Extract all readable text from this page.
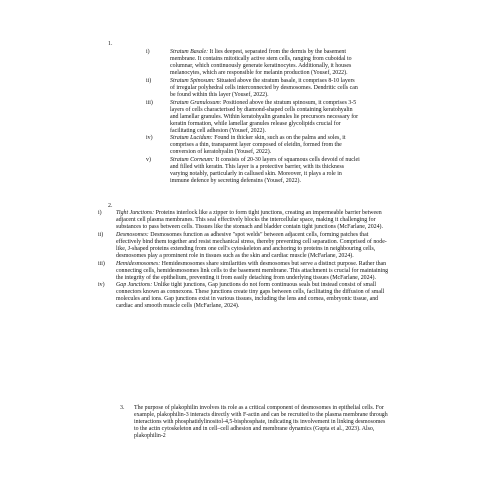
1.
i)	Stratum Basale: It lies deepest, separated from the dermis by the basement membrane. It contains mitotically active stem cells, ranging from cuboidal to columnar, which continuously generate keratinocytes. Additionally, it houses melanocytes, which are responsible for melanin production (Yousef, 2022).
ii)	Stratum Spinosum: Situated above the stratum basale, it comprises 8-10 layers of irregular polyhedral cells interconnected by desmosomes. Dendritic cells can be found within this layer (Yousef, 2022).
iii)	Stratum Granulosum: Positioned above the stratum spinosum, it comprises 3-5 layers of cells characterised by diamond-shaped cells containing keratohyalin and lamellar granules. Within keratohyalin granules lie precursors necessary for keratin formation, while lamellar granules release glycolipids crucial for facilitating cell adhesion (Yousef, 2022).
iv)	Stratum Lucidum: Found in thicker skin, such as on the palms and soles, it comprises a thin, transparent layer composed of eleidin, formed from the conversion of keratohyalin (Yousef, 2022).
v)	Stratum Corneum: It consists of 20-30 layers of squamous cells devoid of nuclei and filled with keratin. This layer is a protective barrier, with its thickness varying notably, particularly in callused skin. Moreover, it plays a role in immune defence by secreting defensins (Yousef, 2022).
2.
i)	Tight Junctions: Proteins interlock like a zipper to form tight junctions, creating an impermeable barrier between adjacent cell plasma membranes. This seal effectively blocks the intercellular space, making it challenging for substances to pass between cells. Tissues like the stomach and bladder contain tight junctions (McFarlane, 2024).
ii)	Desmosomes: Desmosomes function as adhesive "spot welds" between adjacent cells, forming patches that effectively bind them together and resist mechanical stress, thereby preventing cell separation. Comprised of node-like, J-shaped proteins extending from one cell's cytoskeleton and anchoring to proteins in neighbouring cells, desmosomes play a prominent role in tissues such as the skin and cardiac muscle (McFarlane, 2024).
iii)	Hemidesmosomes: Hemidesmosomes share similarities with desmosomes but serve a distinct purpose. Rather than connecting cells, hemidesmosomes link cells to the basement membrane. This attachment is crucial for maintaining the integrity of the epithelium, preventing it from easily detaching from underlying tissues (McFarlane, 2024).
iv)	Gap Junctions: Unlike tight junctions, Gap junctions do not form continuous seals but instead consist of small connectors known as connexons. These junctions create tiny gaps between cells, facilitating the diffusion of small molecules and ions. Gap junctions exist in various tissues, including the lens and cornea, embryonic tissue, and cardiac and smooth muscle cells (McFarlane, 2024).
3. The purpose of plakophilin involves its role as a critical component of desmosomes in epithelial cells. For example, plakophilin-3 interacts directly with F-actin and can be recruited to the plasma membrane through interactions with phosphatidylinositol-4,5-bisphosphate, indicating its involvement in linking desmosomes to the actin cytoskeleton and in cell–cell adhesion and membrane dynamics (Gupta et al., 2023). Also, plakophilin-2
